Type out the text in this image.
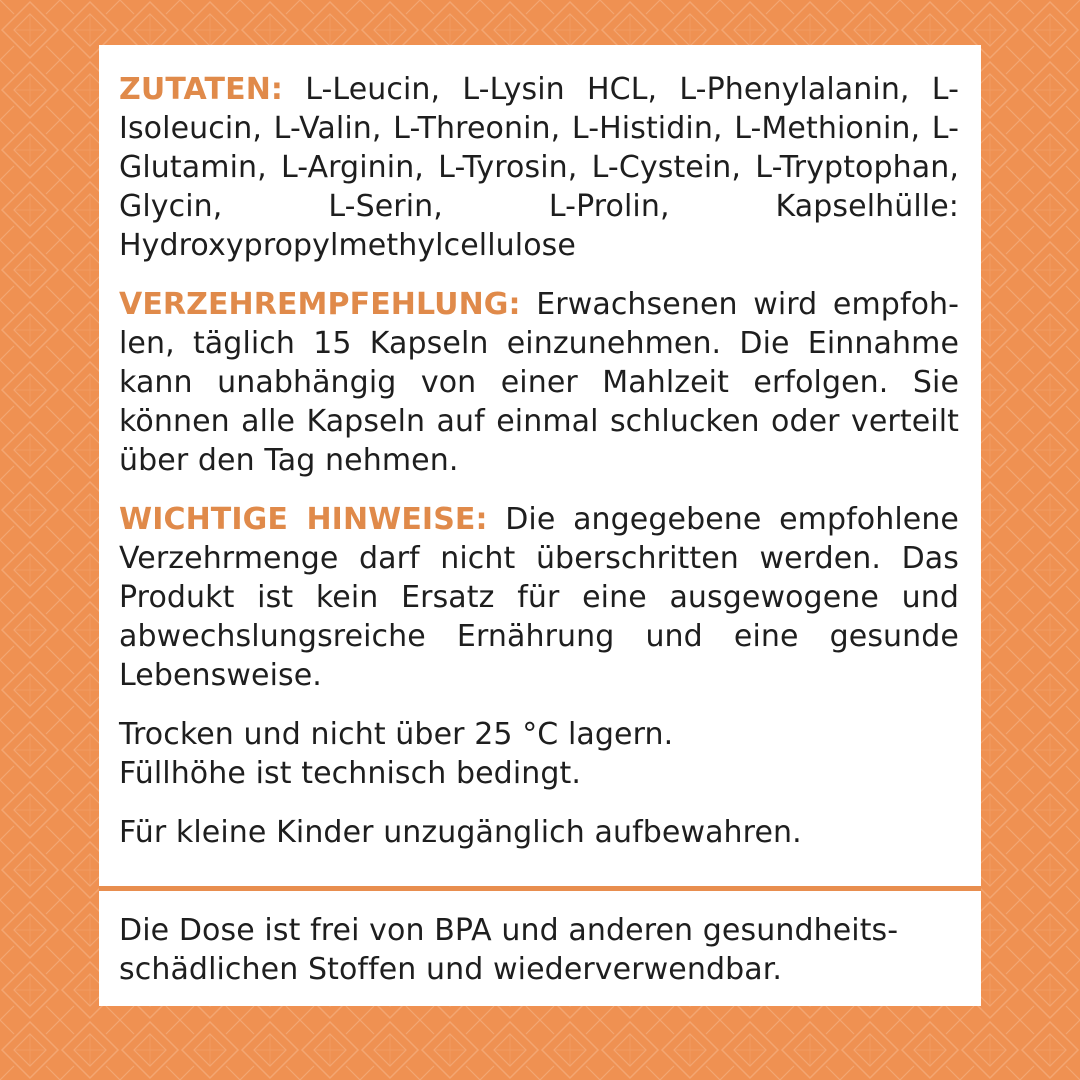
ZUTATEN: L-Leucin, L-Lysin HCL, L-Phenylalanin, L-Isoleucin, L-Valin, L-Threonin, L-Histidin, L-Methionin, L-Glutamin, L-Arginin, L-Tyrosin, L-Cystein, L-Tryptophan, Glycin, L-Serin, L-Prolin, Kapselhülle: Hydroxypropylmethylcellulose

VERZEHREMPFEHLUNG: Erwachsenen wird empfohlen, täglich 15 Kapseln einzunehmen. Die Einnahme kann unabhängig von einer Mahlzeit erfolgen. Sie können alle Kapseln auf einmal schlucken oder verteilt über den Tag nehmen.

WICHTIGE HINWEISE: Die angegebene empfohlene Verzehrmenge darf nicht überschritten werden. Das Produkt ist kein Ersatz für eine ausgewogene und abwechslungsreiche Ernährung und eine gesunde Lebensweise.

Trocken und nicht über 25 °C lagern.
Füllhöhe ist technisch bedingt.

Für kleine Kinder unzugänglich aufbewahren.

Die Dose ist frei von BPA und anderen gesundheitsschädlichen Stoffen und wiederverwendbar.
